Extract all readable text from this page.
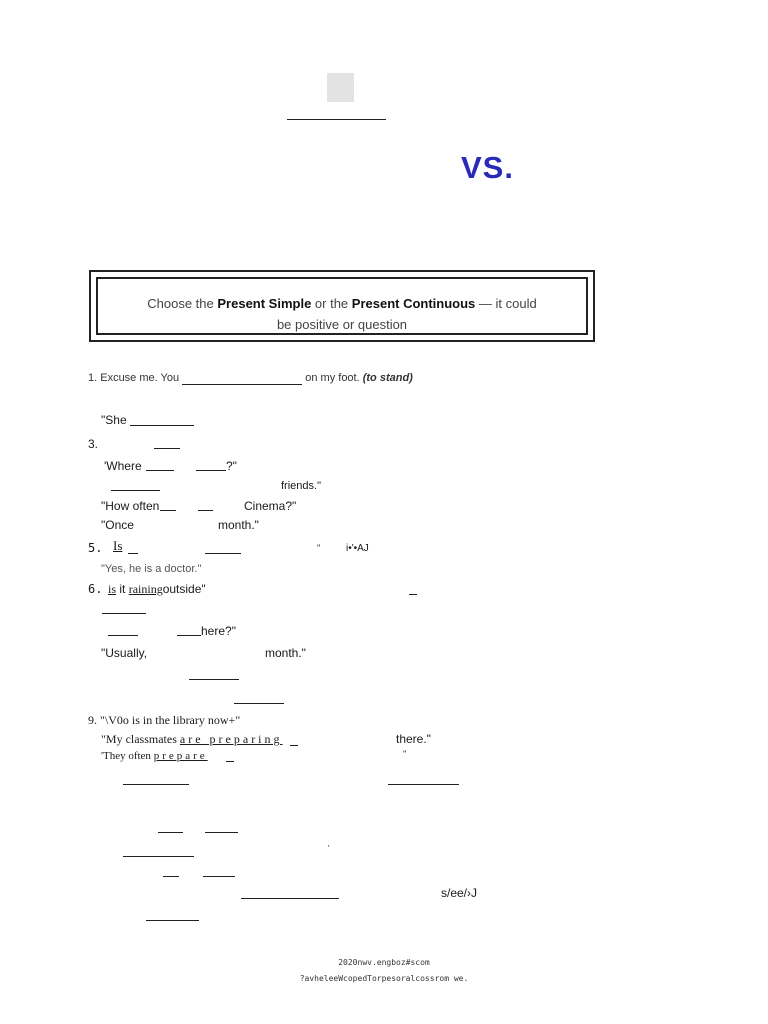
VS.
Choose the Present Simple or the Present Continuous — it could
be positive or question
1. Excuse me. You	on my foot. (to stand)
"She
3.
'Where	?"
friends."
"How often	Cinema?"
"Once	month."
5. Is	"	i•'•AJ
"Yes, he is a doctor."
6. is it rainingoutside"
here?"
"Usually,	month."
9. "\V0o is in the library now+"
"My classmates are preparing	there."
'They often prepare	"
'
s/ee/›J
2020nwv.engboz#scom
?avheleeWcopedTorpesoralcossrom we.
